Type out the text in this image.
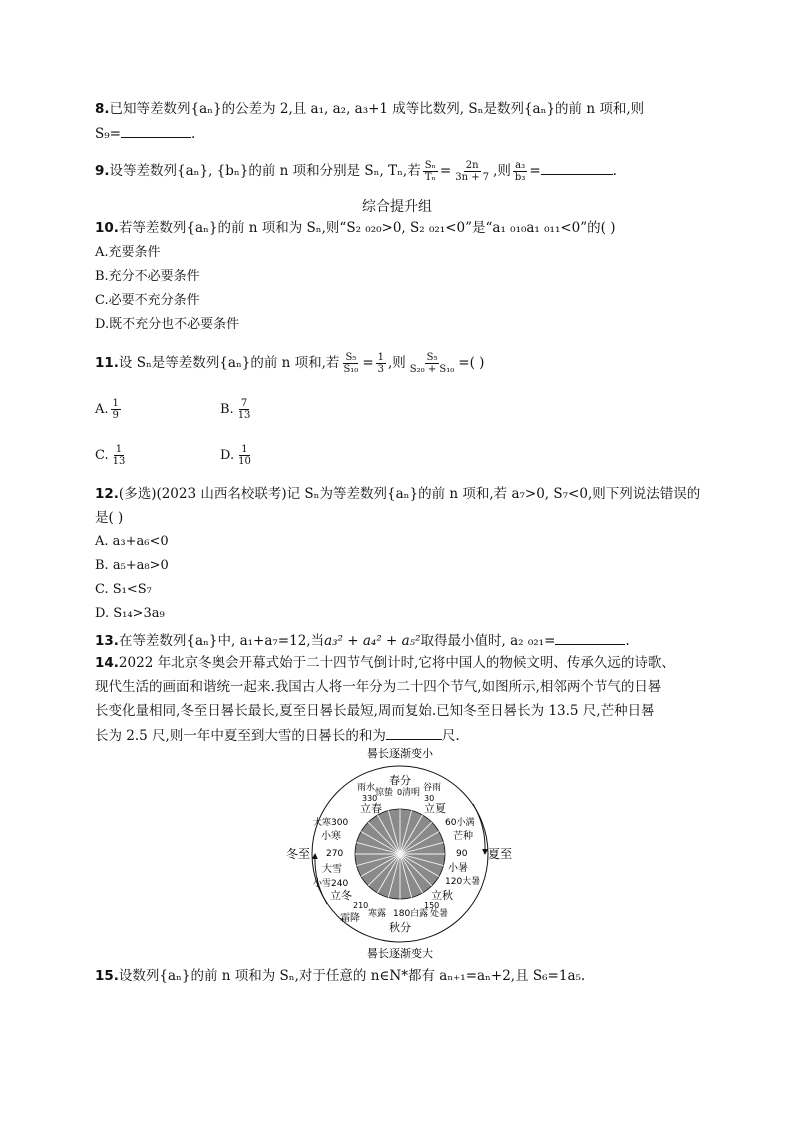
8.已知等差数列{aₙ}的公差为 2,且 a₁, a₂, a₃+1 成等比数列, Sₙ是数列{aₙ}的前 n 项和,则
S₉=	.
9.设等差数列{aₙ}, {bₙ}的前 n 项和分别是 Sₙ, Tₙ,若 $\frac{\text{Sₙ}}{\text{Tₙ}} = \frac{2n}{3n + 7}$ ,则 $\frac{\text{a₃}}{\text{b₃}}$ =	.
综合提升组
10.若等差数列{aₙ}的前 n 项和为 Sₙ,则“S₂ ₀₂₀>0, S₂ ₀₂₁<0”是“a₁ ₀₁₀a₁ ₀₁₁<0”的( )
A.充要条件
B.充分不必要条件
C.必要不充分条件
D.既不充分也不必要条件
11.设 Sₙ是等差数列{aₙ}的前 n 项和,若 $\frac{\text{S₅}}{\text{S₁₀}} = \frac{1}{3}$ ,则 $\frac{\text{S₅}}{\text{S₂₀ + S₁₀}}$ =( )
A. $\frac{1}{9}$	B. $\frac{7}{13}$
C. $\frac{1}{13}$	D. $\frac{1}{10}$
12.(多选)(2023 山西名校联考)记 Sₙ为等差数列{aₙ}的前 n 项和,若 a₇>0, S₇<0,则下列说法错误的
是( )
A. a₃+a₆<0
B. a₅+a₈>0
C. S₁<S₇
D. S₁₄>3a₉
13.在等差数列{aₙ}中, a₁+a₇=12,当a₃² + a₄² + a₅²取得最小值时, a₂ ₀₂₁=	.
14.2022 年北京冬奥会开幕式始于二十四节气倒计时,它将中国人的物候文明、传承久远的诗歌、
现代生活的画面和谐统一起来.我国古人将一年分为二十四个节气,如图所示,相邻两个节气的日晷
长变化量相同,冬至日晷长最长,夏至日晷长最短,周而复始.已知冬至日晷长为 13.5 尺,芒种日晷
长为 2.5 尺,则一年中夏至到大雪的日晷长的和为	尺.
晷长逐渐变小
晷长逐渐变大
冬至	夏至
春分
雨水 惊蛰 0 清明 谷雨
立春
330	30
立夏
大寒300	60小满
小寒	芒种
270	90
大雪	小暑
120大暑
小雪240
立秋
立冬
150
210
霜降 寒露 180白露 处暑
秋分
15.设数列{aₙ}的前 n 项和为 Sₙ,对于任意的 n∈N*都有 aₙ₊₁=aₙ+2,且 S₆=1a₅.
